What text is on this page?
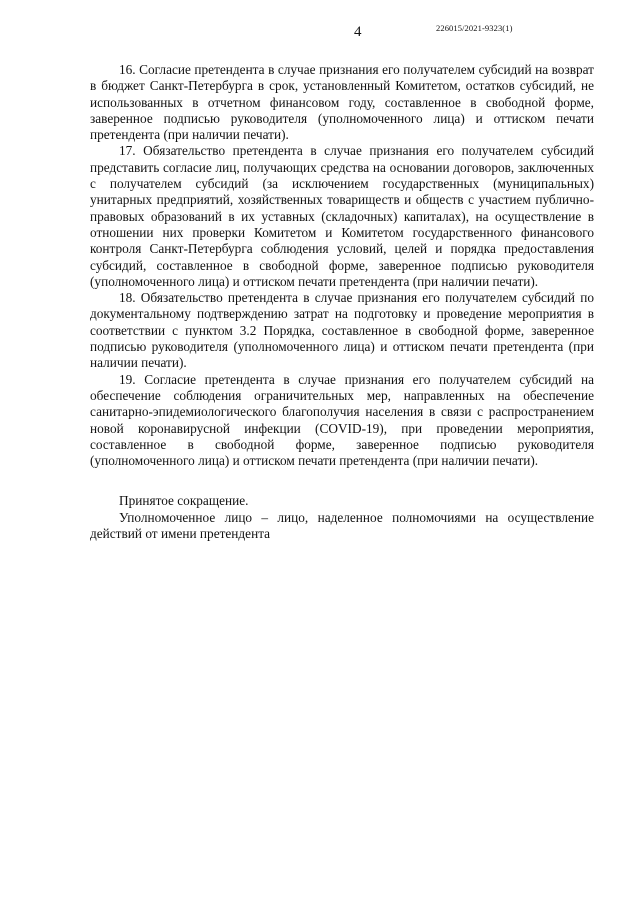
4	226015/2021-9323(1)

16. Согласие претендента в случае признания его получателем субсидий на возврат в бюджет Санкт-Петербурга в срок, установленный Комитетом, остатков субсидий, не использованных в отчетном финансовом году, составленное в свободной форме, заверенное подписью руководителя (уполномоченного лица) и оттиском печати претендента (при наличии печати).

17. Обязательство претендента в случае признания его получателем субсидий представить согласие лиц, получающих средства на основании договоров, заключенных с получателем субсидий (за исключением государственных (муниципальных) унитарных предприятий, хозяйственных товариществ и обществ с участием публично-правовых образований в их уставных (складочных) капиталах), на осуществление в отношении них проверки Комитетом и Комитетом государственного финансового контроля Санкт-Петербурга соблюдения условий, целей и порядка предоставления субсидий, составленное в свободной форме, заверенное подписью руководителя (уполномоченного лица) и оттиском печати претендента (при наличии печати).

18. Обязательство претендента в случае признания его получателем субсидий по документальному подтверждению затрат на подготовку и проведение мероприятия в соответствии с пунктом 3.2 Порядка, составленное в свободной форме, заверенное подписью руководителя (уполномоченного лица) и оттиском печати претендента (при наличии печати).

19. Согласие претендента в случае признания его получателем субсидий на обеспечение соблюдения ограничительных мер, направленных на обеспечение санитарно-эпидемиологического благополучия населения в связи с распространением новой коронавирусной инфекции (COVID-19), при проведении мероприятия, составленное в свободной форме, заверенное подписью руководителя (уполномоченного лица) и оттиском печати претендента (при наличии печати).

Принятое сокращение.

Уполномоченное лицо – лицо, наделенное полномочиями на осуществление действий от имени претендента
